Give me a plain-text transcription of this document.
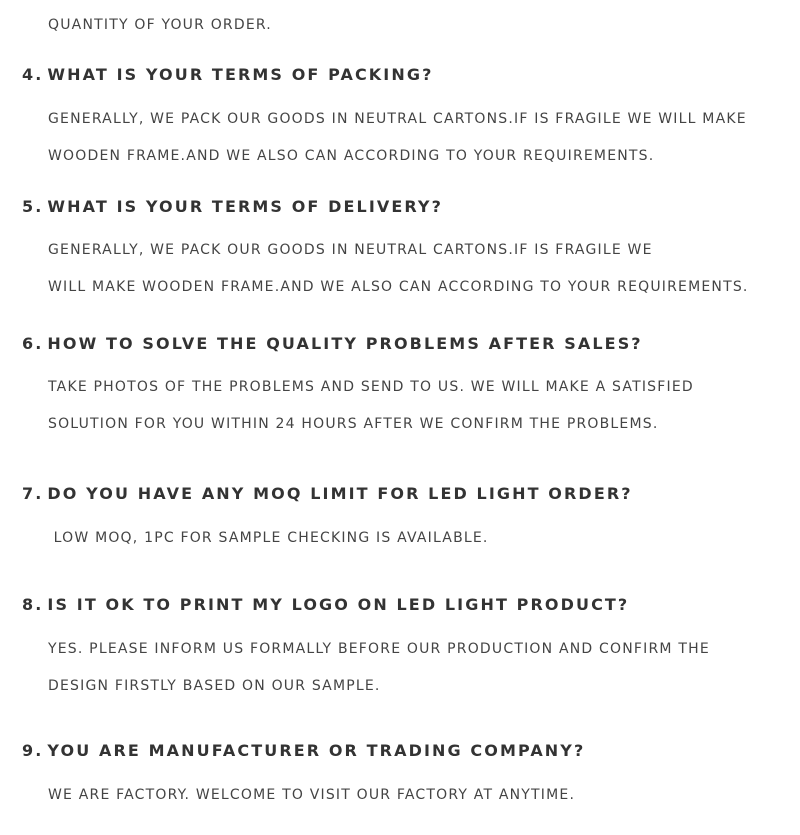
QUANTITY OF YOUR ORDER.

4. WHAT IS YOUR TERMS OF PACKING?

GENERALLY, WE PACK OUR GOODS IN NEUTRAL CARTONS.IF IS FRAGILE WE WILL MAKE

WOODEN FRAME.AND WE ALSO CAN ACCORDING TO YOUR REQUIREMENTS.

5. WHAT IS YOUR TERMS OF DELIVERY?

GENERALLY, WE PACK OUR GOODS IN NEUTRAL CARTONS.IF IS FRAGILE WE

WILL MAKE WOODEN FRAME.AND WE ALSO CAN ACCORDING TO YOUR REQUIREMENTS.

6. HOW TO SOLVE THE QUALITY PROBLEMS AFTER SALES?

TAKE PHOTOS OF THE PROBLEMS AND SEND TO US. WE WILL MAKE A SATISFIED

SOLUTION FOR YOU WITHIN 24 HOURS AFTER WE CONFIRM THE PROBLEMS.

7. DO YOU HAVE ANY MOQ LIMIT FOR LED LIGHT ORDER?

LOW MOQ, 1PC FOR SAMPLE CHECKING IS AVAILABLE.

8. IS IT OK TO PRINT MY LOGO ON LED LIGHT PRODUCT?

YES. PLEASE INFORM US FORMALLY BEFORE OUR PRODUCTION AND CONFIRM THE

DESIGN FIRSTLY BASED ON OUR SAMPLE.

9. YOU ARE MANUFACTURER OR TRADING COMPANY?

WE ARE FACTORY. WELCOME TO VISIT OUR FACTORY AT ANYTIME.
